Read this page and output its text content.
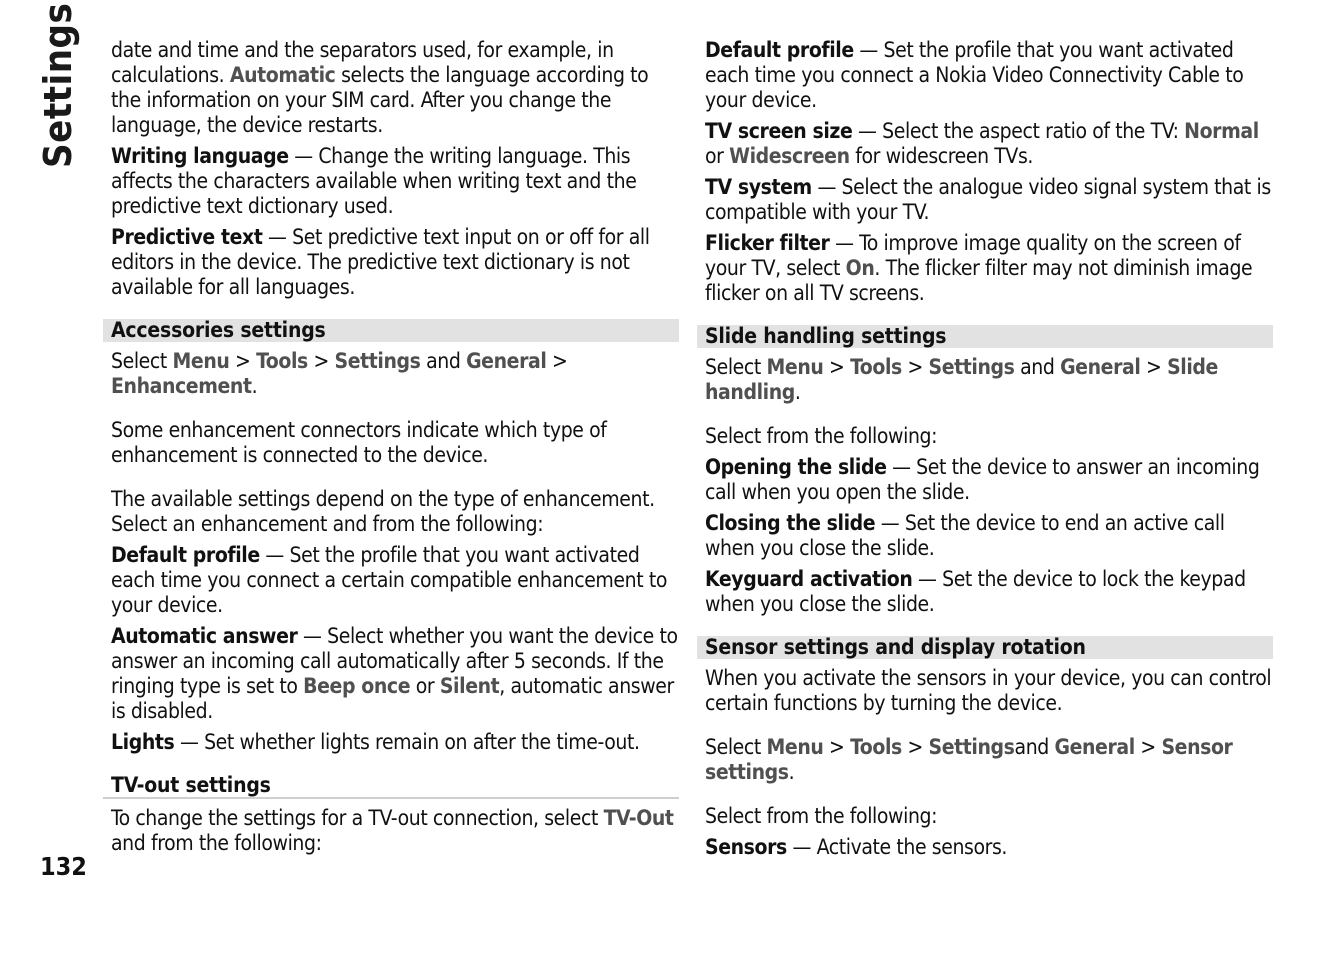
Settings
132

date and time and the separators used, for example, in calculations. Automatic selects the language according to the information on your SIM card. After you change the language, the device restarts.

Writing language — Change the writing language. This affects the characters available when writing text and the predictive text dictionary used.

Predictive text — Set predictive text input on or off for all editors in the device. The predictive text dictionary is not available for all languages.

Accessories settings

Select Menu > Tools > Settings and General > Enhancement.

Some enhancement connectors indicate which type of enhancement is connected to the device.

The available settings depend on the type of enhancement. Select an enhancement and from the following:

Default profile — Set the profile that you want activated each time you connect a certain compatible enhancement to your device.

Automatic answer — Select whether you want the device to answer an incoming call automatically after 5 seconds. If the ringing type is set to Beep once or Silent, automatic answer is disabled.

Lights — Set whether lights remain on after the time-out.

TV-out settings

To change the settings for a TV-out connection, select TV-Out and from the following:

Default profile — Set the profile that you want activated each time you connect a Nokia Video Connectivity Cable to your device.

TV screen size — Select the aspect ratio of the TV: Normal or Widescreen for widescreen TVs.

TV system — Select the analogue video signal system that is compatible with your TV.

Flicker filter — To improve image quality on the screen of your TV, select On. The flicker filter may not diminish image flicker on all TV screens.

Slide handling settings

Select Menu > Tools > Settings and General > Slide handling.

Select from the following:

Opening the slide — Set the device to answer an incoming call when you open the slide.

Closing the slide — Set the device to end an active call when you close the slide.

Keyguard activation — Set the device to lock the keypad when you close the slide.

Sensor settings and display rotation

When you activate the sensors in your device, you can control certain functions by turning the device.

Select Menu > Tools > Settingsand General > Sensor settings.

Select from the following:

Sensors — Activate the sensors.
